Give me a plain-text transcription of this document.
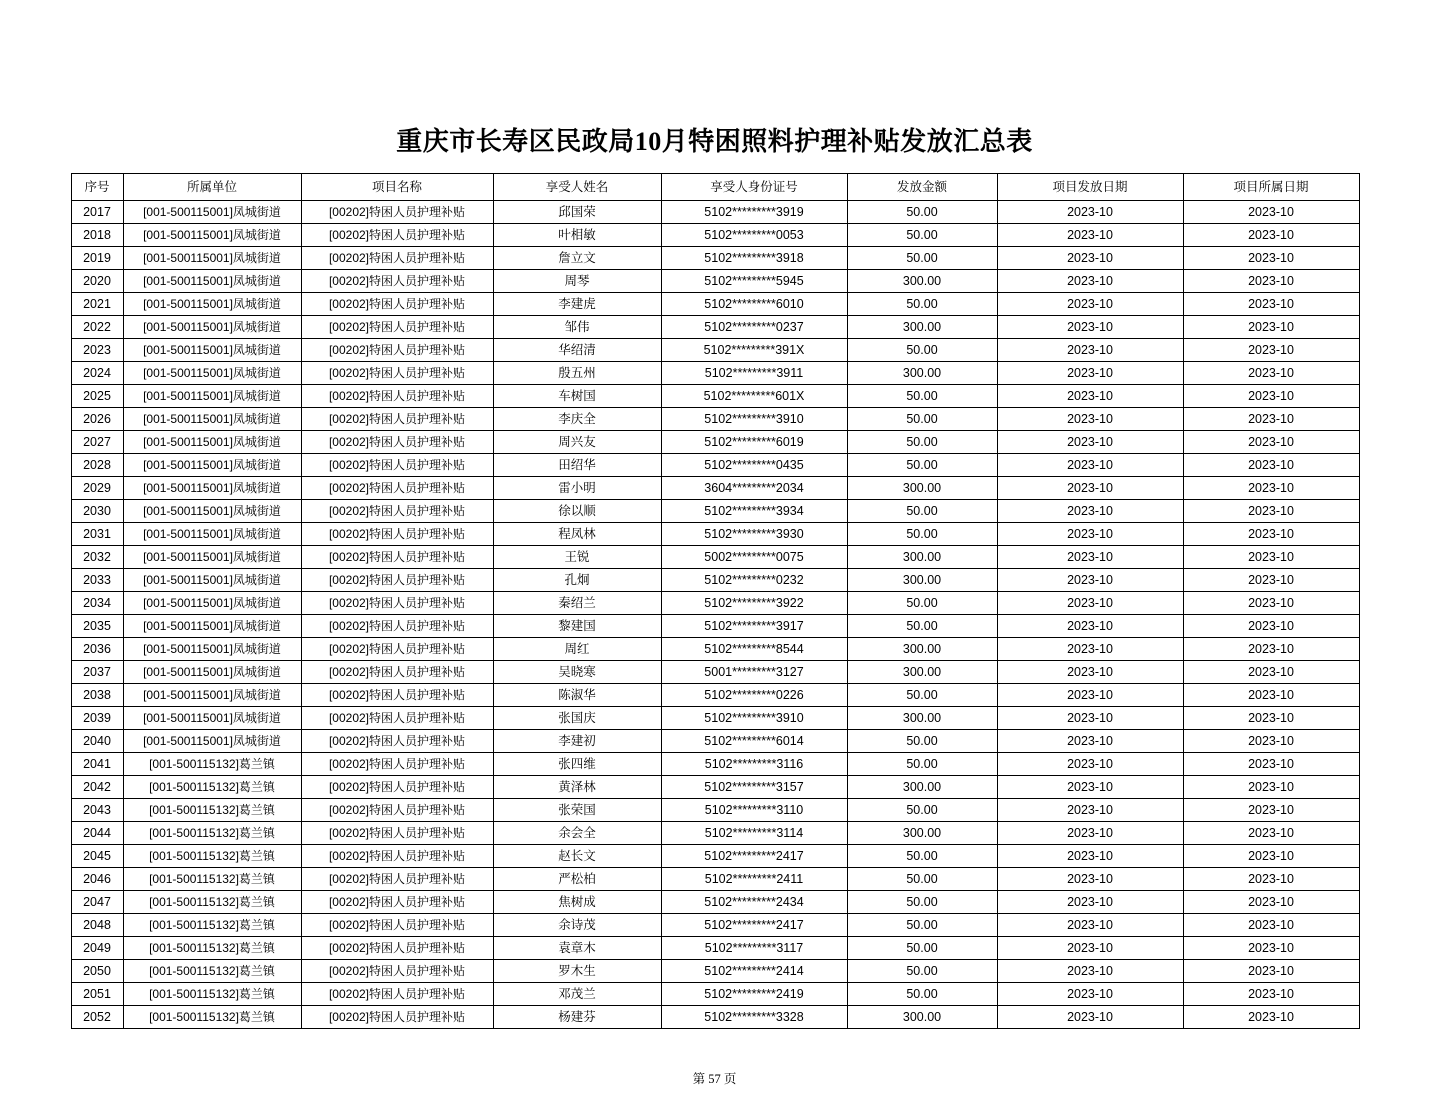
重庆市长寿区民政局10月特困照料护理补贴发放汇总表
序号	所属单位	项目名称	享受人姓名	享受人身份证号	发放金额	项目发放日期	项目所属日期
2017	[001-500115001]凤城街道	[00202]特困人员护理补贴	邱国荣	5102*********3919	50.00	2023-10	2023-10
2018	[001-500115001]凤城街道	[00202]特困人员护理补贴	叶相敏	5102*********0053	50.00	2023-10	2023-10
2019	[001-500115001]凤城街道	[00202]特困人员护理补贴	詹立文	5102*********3918	50.00	2023-10	2023-10
2020	[001-500115001]凤城街道	[00202]特困人员护理补贴	周琴	5102*********5945	300.00	2023-10	2023-10
2021	[001-500115001]凤城街道	[00202]特困人员护理补贴	李建虎	5102*********6010	50.00	2023-10	2023-10
2022	[001-500115001]凤城街道	[00202]特困人员护理补贴	邹伟	5102*********0237	300.00	2023-10	2023-10
2023	[001-500115001]凤城街道	[00202]特困人员护理补贴	华绍清	5102*********391X	50.00	2023-10	2023-10
2024	[001-500115001]凤城街道	[00202]特困人员护理补贴	殷五州	5102*********3911	300.00	2023-10	2023-10
2025	[001-500115001]凤城街道	[00202]特困人员护理补贴	车树国	5102*********601X	50.00	2023-10	2023-10
2026	[001-500115001]凤城街道	[00202]特困人员护理补贴	李庆全	5102*********3910	50.00	2023-10	2023-10
2027	[001-500115001]凤城街道	[00202]特困人员护理补贴	周兴友	5102*********6019	50.00	2023-10	2023-10
2028	[001-500115001]凤城街道	[00202]特困人员护理补贴	田绍华	5102*********0435	50.00	2023-10	2023-10
2029	[001-500115001]凤城街道	[00202]特困人员护理补贴	雷小明	3604*********2034	300.00	2023-10	2023-10
2030	[001-500115001]凤城街道	[00202]特困人员护理补贴	徐以顺	5102*********3934	50.00	2023-10	2023-10
2031	[001-500115001]凤城街道	[00202]特困人员护理补贴	程凤林	5102*********3930	50.00	2023-10	2023-10
2032	[001-500115001]凤城街道	[00202]特困人员护理补贴	王锐	5002*********0075	300.00	2023-10	2023-10
2033	[001-500115001]凤城街道	[00202]特困人员护理补贴	孔炯	5102*********0232	300.00	2023-10	2023-10
2034	[001-500115001]凤城街道	[00202]特困人员护理补贴	秦绍兰	5102*********3922	50.00	2023-10	2023-10
2035	[001-500115001]凤城街道	[00202]特困人员护理补贴	黎建国	5102*********3917	50.00	2023-10	2023-10
2036	[001-500115001]凤城街道	[00202]特困人员护理补贴	周红	5102*********8544	300.00	2023-10	2023-10
2037	[001-500115001]凤城街道	[00202]特困人员护理补贴	吴晓寒	5001*********3127	300.00	2023-10	2023-10
2038	[001-500115001]凤城街道	[00202]特困人员护理补贴	陈淑华	5102*********0226	50.00	2023-10	2023-10
2039	[001-500115001]凤城街道	[00202]特困人员护理补贴	张国庆	5102*********3910	300.00	2023-10	2023-10
2040	[001-500115001]凤城街道	[00202]特困人员护理补贴	李建初	5102*********6014	50.00	2023-10	2023-10
2041	[001-500115132]葛兰镇	[00202]特困人员护理补贴	张四维	5102*********3116	50.00	2023-10	2023-10
2042	[001-500115132]葛兰镇	[00202]特困人员护理补贴	黄泽林	5102*********3157	300.00	2023-10	2023-10
2043	[001-500115132]葛兰镇	[00202]特困人员护理补贴	张荣国	5102*********3110	50.00	2023-10	2023-10
2044	[001-500115132]葛兰镇	[00202]特困人员护理补贴	余会全	5102*********3114	300.00	2023-10	2023-10
2045	[001-500115132]葛兰镇	[00202]特困人员护理补贴	赵长文	5102*********2417	50.00	2023-10	2023-10
2046	[001-500115132]葛兰镇	[00202]特困人员护理补贴	严松柏	5102*********2411	50.00	2023-10	2023-10
2047	[001-500115132]葛兰镇	[00202]特困人员护理补贴	焦树成	5102*********2434	50.00	2023-10	2023-10
2048	[001-500115132]葛兰镇	[00202]特困人员护理补贴	余诗茂	5102*********2417	50.00	2023-10	2023-10
2049	[001-500115132]葛兰镇	[00202]特困人员护理补贴	袁章木	5102*********3117	50.00	2023-10	2023-10
2050	[001-500115132]葛兰镇	[00202]特困人员护理补贴	罗木生	5102*********2414	50.00	2023-10	2023-10
2051	[001-500115132]葛兰镇	[00202]特困人员护理补贴	邓茂兰	5102*********2419	50.00	2023-10	2023-10
2052	[001-500115132]葛兰镇	[00202]特困人员护理补贴	杨建芬	5102*********3328	300.00	2023-10	2023-10
第 57 页
